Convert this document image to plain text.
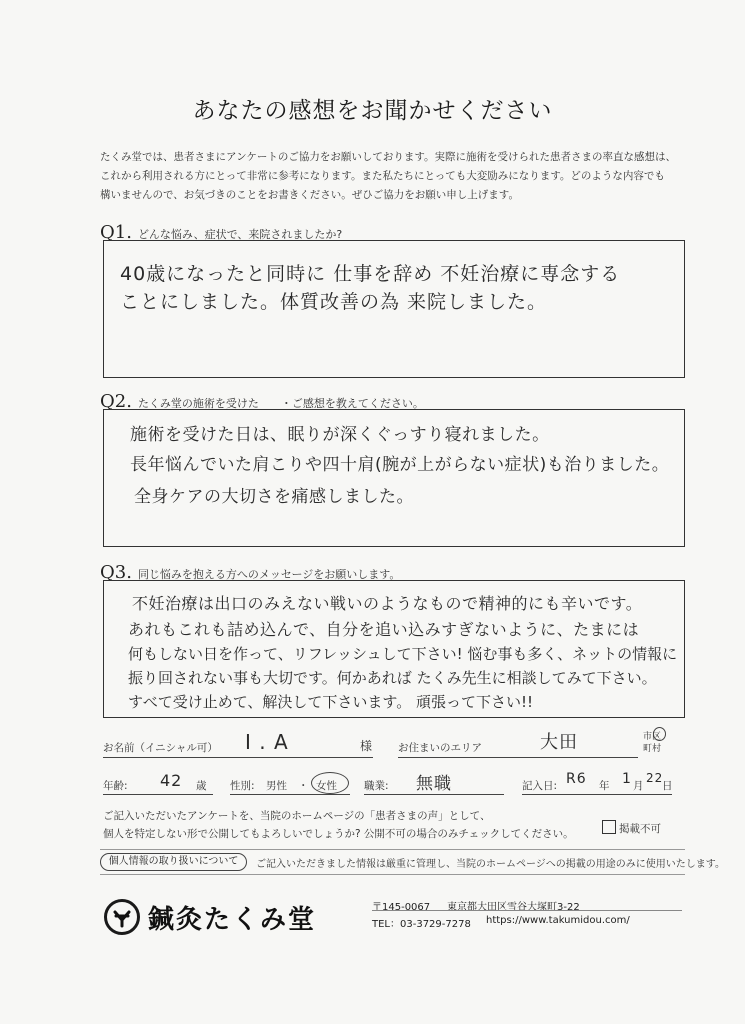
あなたの感想をお聞かせください
たくみ堂では、患者さまにアンケートのご協力をお願いしております。実際に施術を受けられた患者さまの率直な感想は、
これから利用される方にとって非常に参考になります。また私たちにとっても大変励みになります。どのような内容でも
構いませんので、お気づきのことをお書きください。ぜひご協力をお願い申し上げます。
Q1. どんな悩み、症状で、来院されましたか?
40歳になったと同時に 仕事を辞め 不妊治療に専念する
ことにしました。体質改善の為 来院しました。
Q2. たくみ堂の施術を受けた　　・ご感想を教えてください。
施術を受けた日は、眠りが深くぐっすり寝れました。
長年悩んでいた肩こりや四十肩(腕が上がらない症状)も治りました。
全身ケアの大切さを痛感しました。
Q3. 同じ悩みを抱える方へのメッセージをお願いします。
不妊治療は出口のみえない戦いのようなもので精神的にも辛いです。
あれもこれも詰め込んで、自分を追い込みすぎないように、たまには
何もしない日を作って、リフレッシュして下さい! 悩む事も多く、ネットの情報に
振り回されない事も大切です。何かあれば たくみ先生に相談してみて下さい。
すべて受け止めて、解決して下さいます。 頑張って下さい!!
お名前（イニシャル可） I . A	様 お住まいのエリア	大田	市区
町村
年齢: 42 歳 性別: 男性 ・ 女性	職業: 無職	記入日: R6 年 1 月
22
日
ご記入いただいたアンケートを、当院のホームページの「患者さまの声」として、
個人を特定しない形で公開してもよろしいでしょうか? 公開不可の場合のみチェックしてください。	掲載不可
個人情報の取り扱いについて	ご記入いただきました情報は厳重に管理し、当院のホームページへの掲載の用途のみに使用いたします。
鍼灸たくみ堂	〒145-0067 東京都大田区雪谷大塚町3-22
TEL：03-3729-7278 https://www.takumidou.com/
